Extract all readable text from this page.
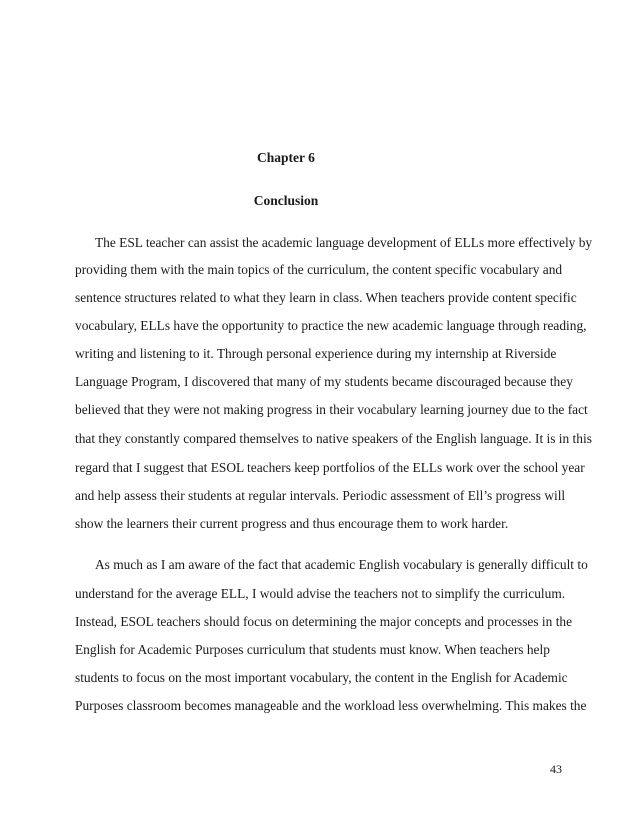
Chapter 6

Conclusion

The ESL teacher can assist the academic language development of ELLs more effectively by

providing them with the main topics of the curriculum, the content specific vocabulary and

sentence structures related to what they learn in class. When teachers provide content specific

vocabulary, ELLs have the opportunity to practice the new academic language through reading,

writing and listening to it. Through personal experience during my internship at Riverside

Language Program, I discovered that many of my students became discouraged because they

believed that they were not making progress in their vocabulary learning journey due to the fact

that they constantly compared themselves to native speakers of the English language. It is in this

regard that I suggest that ESOL teachers keep portfolios of the ELLs work over the school year

and help assess their students at regular intervals. Periodic assessment of Ell’s progress will

show the learners their current progress and thus encourage them to work harder.

As much as I am aware of the fact that academic English vocabulary is generally difficult to

understand for the average ELL, I would advise the teachers not to simplify the curriculum.

Instead, ESOL teachers should focus on determining the major concepts and processes in the

English for Academic Purposes curriculum that students must know. When teachers help

students to focus on the most important vocabulary, the content in the English for Academic

Purposes classroom becomes manageable and the workload less overwhelming. This makes the

43
